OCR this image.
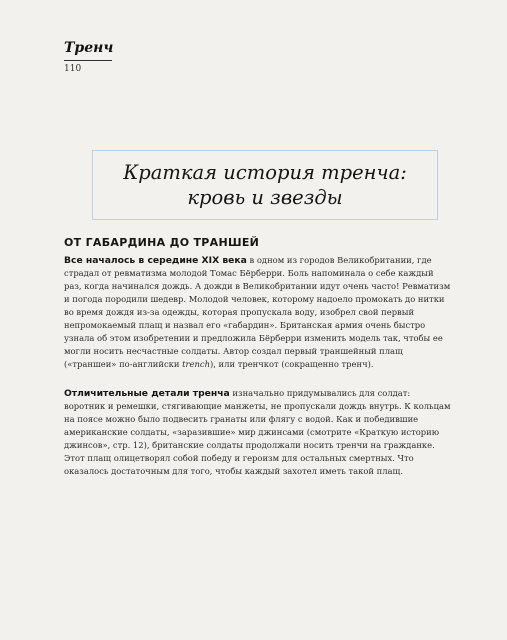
Тренч
110
Краткая история тренча:
кровь и звезды
ОТ ГАБАРДИНА ДО ТРАНШЕЙ
Все началось в середине XIX века в одном из городов Великобритании, где страдал от ревматизма молодой Томас Бёрберри. Боль напоминала о себе каждый раз, когда начинался дождь. А дожди в Великобритании идут очень часто! Ревматизм и погода породили шедевр. Молодой человек, которому надоело промокать до нитки во время дождя из-за одежды, которая пропускала воду, изобрел свой первый непромокаемый плащ и назвал его «габардин». Британская армия очень быстро узнала об этом изобретении и предложила Бёрберри изменить модель так, чтобы ее могли носить несчастные солдаты. Автор создал первый траншейный плащ («траншеи» по-английски trench), или тренчкот (сокращенно тренч).
Отличительные детали тренча изначально придумывались для солдат: воротник и ремешки, стягивающие манжеты, не пропускали дождь внутрь. К кольцам на поясе можно было подвесить гранаты или флягу с водой. Как и победившие американские солдаты, «заразившие» мир джинсами (смотрите «Краткую историю джинсов», стр. 12), британские солдаты продолжали носить тренчи на гражданке. Этот плащ олицетворял собой победу и героизм для остальных смертных. Что оказалось достаточным для того, чтобы каждый захотел иметь такой плащ.
